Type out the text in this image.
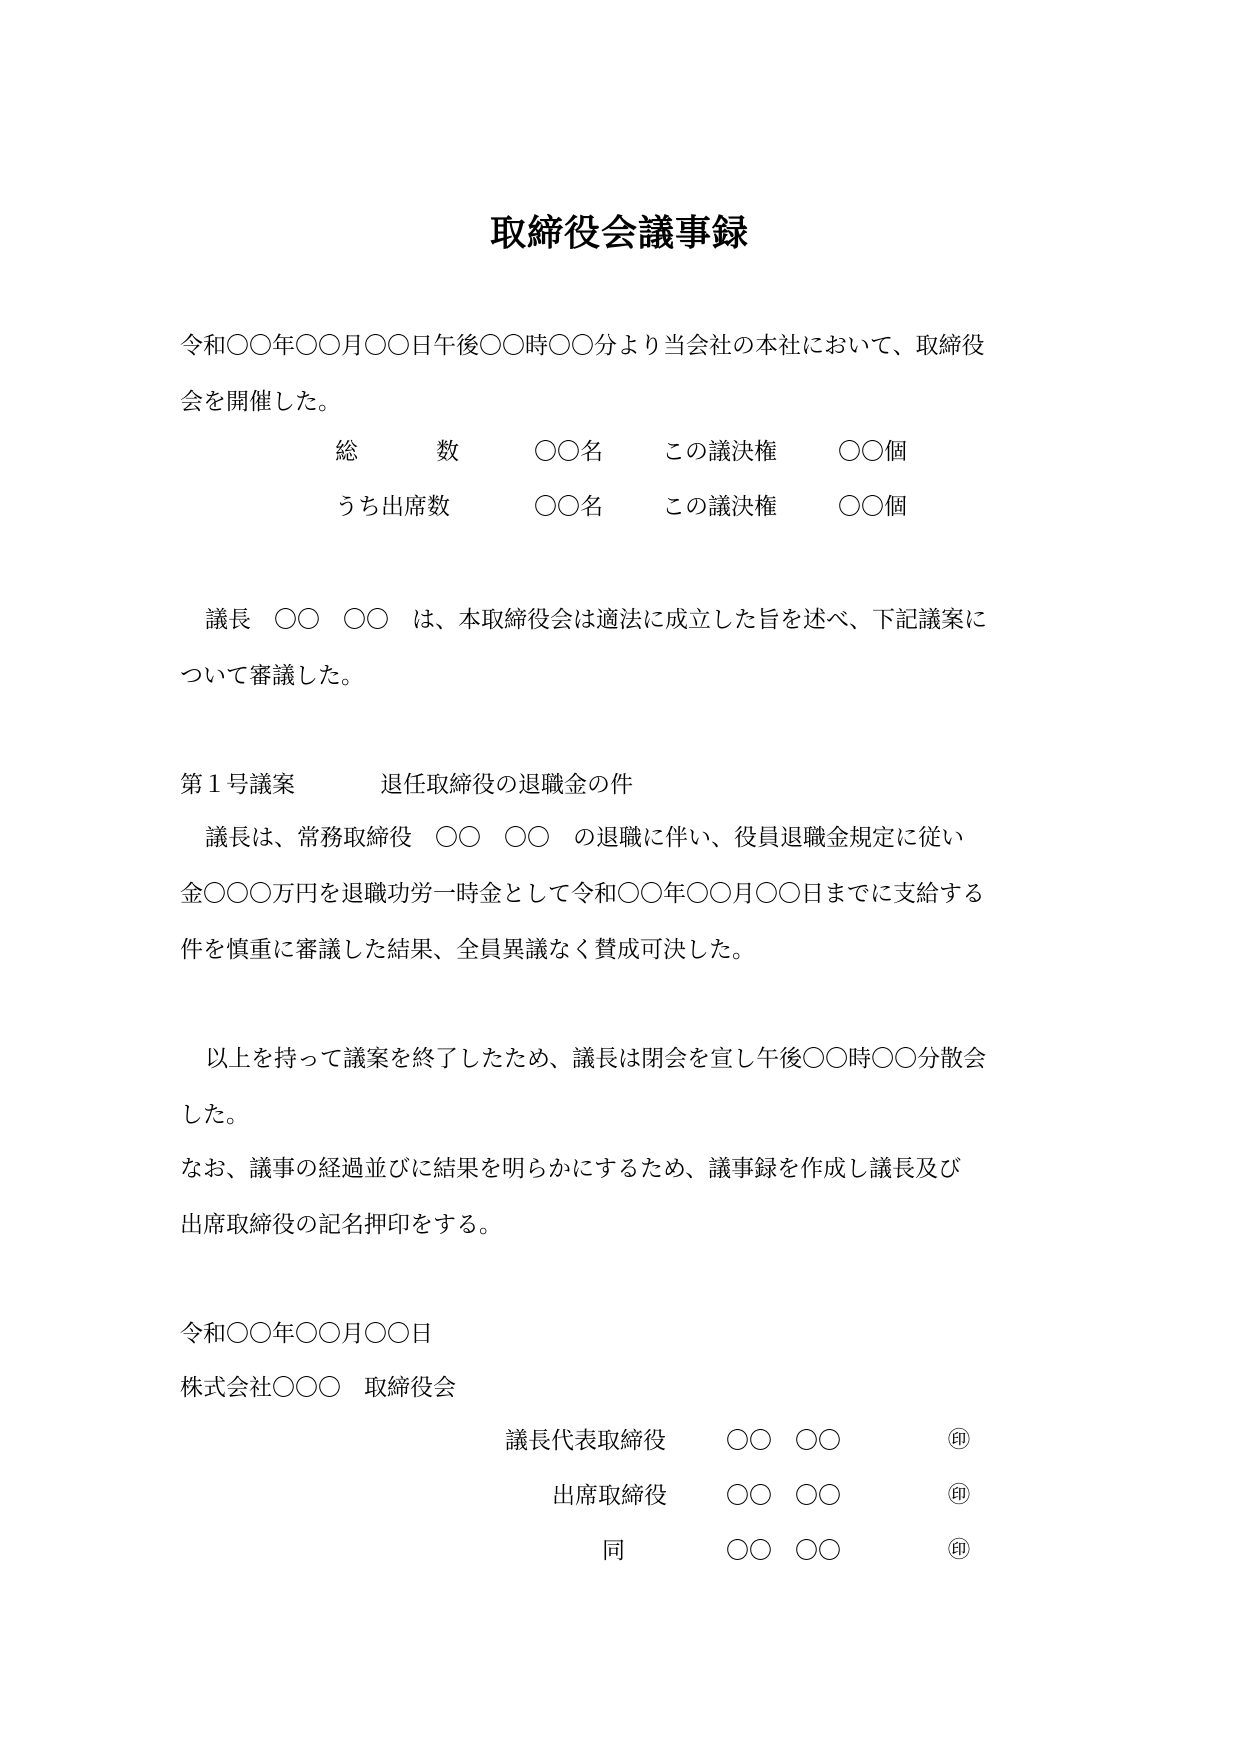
取締役会議事録
令和〇〇年〇〇月〇〇日午後〇〇時〇〇分より当会社の本社において、取締役
会を開催した。
総	数	〇〇名	この議決権	〇〇個
うち出席数	〇〇名	この議決権	〇〇個
議長　〇〇　〇〇　は、本取締役会は適法に成立した旨を述べ、下記議案に
ついて審議した。
第１号議案	退任取締役の退職金の件
議長は、常務取締役　〇〇　〇〇　の退職に伴い、役員退職金規定に従い
金〇〇〇万円を退職功労一時金として令和〇〇年〇〇月〇〇日までに支給する
件を慎重に審議した結果、全員異議なく賛成可決した。
以上を持って議案を終了したため、議長は閉会を宣し午後〇〇時〇〇分散会
した。
なお、議事の経過並びに結果を明らかにするため、議事録を作成し議長及び
出席取締役の記名押印をする。
令和〇〇年〇〇月〇〇日
株式会社〇〇〇　取締役会
議長代表取締役	〇〇　〇〇	㊞
出席取締役	〇〇　〇〇	㊞
同	〇〇　〇〇	㊞
